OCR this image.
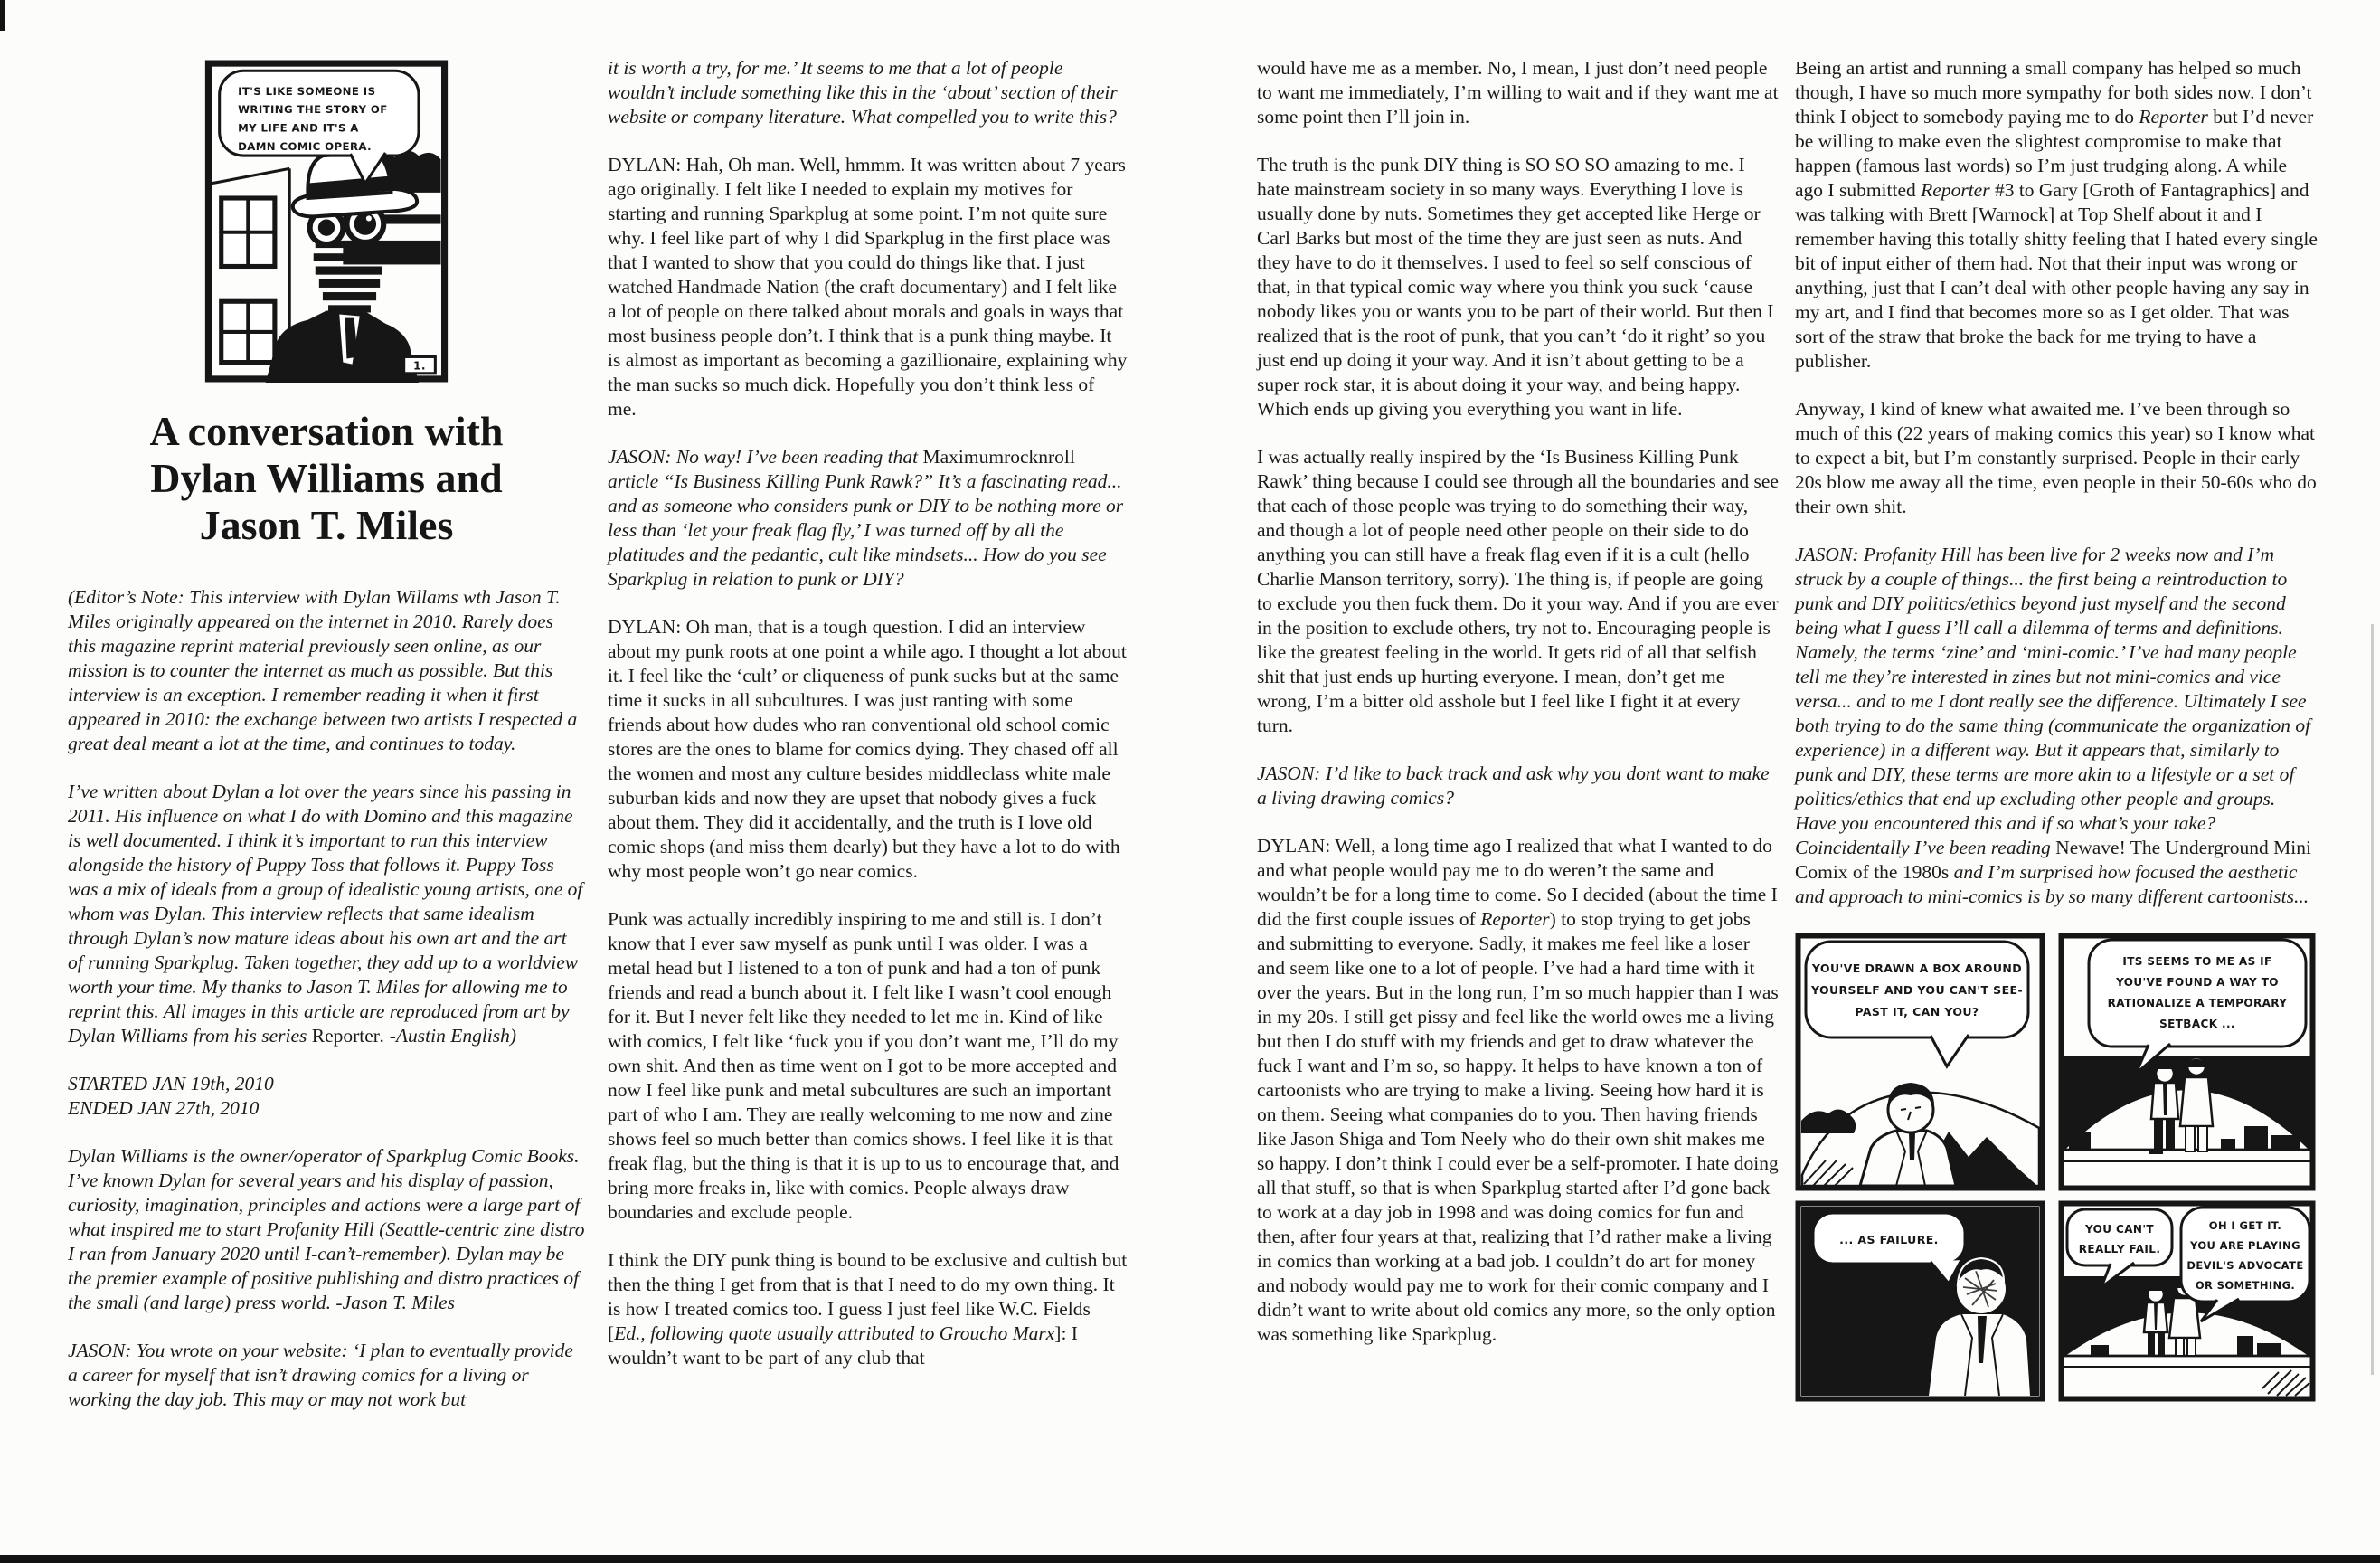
1.
IT'S LIKE SOMEONE IS
WRITING THE STORY OF
MY LIFE AND IT'S A
DAMN COMIC OPERA.
A conversation with
Dylan Williams and
Jason T. Miles

(Editor’s Note: This interview with Dylan Willams wth Jason T. Miles originally appeared on the internet in 2010. Rarely does this magazine reprint material previously seen online, as our mission is to counter the internet as much as possible. But this interview is an exception. I remember reading it when it first appeared in 2010: the exchange between two artists I respected a great deal meant a lot at the time, and continues to today.

I’ve written about Dylan a lot over the years since his passing in 2011. His influence on what I do with Domino and this magazine is well documented. I think it’s important to run this interview alongside the history of Puppy Toss that follows it. Puppy Toss was a mix of ideals from a group of idealistic young artists, one of whom was Dylan. This interview reflects that same idealism through Dylan’s now mature ideas about his own art and the art of running Sparkplug. Taken together, they add up to a worldview worth your time. My thanks to Jason T. Miles for allowing me to reprint this. All images in this article are reproduced from art by Dylan Williams from his series Reporter. -Austin English)

STARTED JAN 19th, 2010

ENDED JAN 27th, 2010

Dylan Williams is the owner/operator of Sparkplug Comic Books. I’ve known Dylan for several years and his display of passion, curiosity, imagination, principles and actions were a large part of what inspired me to start Profanity Hill (Seattle-centric zine distro I ran from January 2020 until I-can’t-remember). Dylan may be the premier example of positive publishing and distro practices of the small (and large) press world. -Jason T. Miles

JASON: You wrote on your website: ‘I plan to eventually provide a career for myself that isn’t drawing comics for a living or working the day job. This may or may not work but

it is worth a try, for me.’ It seems to me that a lot of people wouldn’t include something like this in the ‘about’ section of their website or company literature. What compelled you to write this?

DYLAN: Hah, Oh man. Well, hmmm. It was written about 7 years ago originally. I felt like I needed to explain my motives for starting and running Sparkplug at some point. I’m not quite sure why. I feel like part of why I did Sparkplug in the first place was that I wanted to show that you could do things like that. I just watched Handmade Nation (the craft documentary) and I felt like a lot of people on there talked about morals and goals in ways that most business people don’t. I think that is a punk thing maybe. It is almost as important as becoming a gazillionaire, explaining why the man sucks so much dick. Hopefully you don’t think less of me.

JASON: No way! I’ve been reading that Maximumrocknroll article “Is Business Killing Punk Rawk?” It’s a fascinating read... and as someone who considers punk or DIY to be nothing more or less than ‘let your freak flag fly,’ I was turned off by all the platitudes and the pedantic, cult like mindsets... How do you see Sparkplug in relation to punk or DIY?

DYLAN: Oh man, that is a tough question. I did an interview about my punk roots at one point a while ago. I thought a lot about it. I feel like the ‘cult’ or cliqueness of punk sucks but at the same time it sucks in all subcultures. I was just ranting with some friends about how dudes who ran conventional old school comic stores are the ones to blame for comics dying. They chased off all the women and most any culture besides middleclass white male suburban kids and now they are upset that nobody gives a fuck about them. They did it accidentally, and the truth is I love old comic shops (and miss them dearly) but they have a lot to do with why most people won’t go near comics.

Punk was actually incredibly inspiring to me and still is. I don’t know that I ever saw myself as punk until I was older. I was a metal head but I listened to a ton of punk and had a ton of punk friends and read a bunch about it. I felt like I wasn’t cool enough for it. But I never felt like they needed to let me in. Kind of like with comics, I felt like ‘fuck you if you don’t want me, I’ll do my own shit. And then as time went on I got to be more accepted and now I feel like punk and metal subcultures are such an important part of who I am. They are really welcoming to me now and zine shows feel so much better than comics shows. I feel like it is that freak flag, but the thing is that it is up to us to encourage that, and bring more freaks in, like with comics. People always draw boundaries and exclude people.

I think the DIY punk thing is bound to be exclusive and cultish but then the thing I get from that is that I need to do my own thing. It is how I treated comics too. I guess I just feel like W.C. Fields [Ed., following quote usually attributed to Groucho Marx]: I wouldn’t want to be part of any club that

would have me as a member. No, I mean, I just don’t need people to want me immediately, I’m willing to wait and if they want me at some point then I’ll join in.

The truth is the punk DIY thing is SO SO SO amazing to me. I hate mainstream society in so many ways. Everything I love is usually done by nuts. Sometimes they get accepted like Herge or Carl Barks but most of the time they are just seen as nuts. And they have to do it themselves. I used to feel so self conscious of that, in that typical comic way where you think you suck ‘cause nobody likes you or wants you to be part of their world. But then I realized that is the root of punk, that you can’t ‘do it right’ so you just end up doing it your way. And it isn’t about getting to be a super rock star, it is about doing it your way, and being happy. Which ends up giving you everything you want in life.

I was actually really inspired by the ‘Is Business Killing Punk Rawk’ thing because I could see through all the boundaries and see that each of those people was trying to do something their way, and though a lot of people need other people on their side to do anything you can still have a freak flag even if it is a cult (hello Charlie Manson territory, sorry). The thing is, if people are going to exclude you then fuck them. Do it your way. And if you are ever in the position to exclude others, try not to. Encouraging people is like the greatest feeling in the world. It gets rid of all that selfish shit that just ends up hurting everyone. I mean, don’t get me wrong, I’m a bitter old asshole but I feel like I fight it at every turn.

JASON: I’d like to back track and ask why you dont want to make a living drawing comics?

DYLAN: Well, a long time ago I realized that what I wanted to do and what people would pay me to do weren’t the same and wouldn’t be for a long time to come. So I decided (about the time I did the first couple issues of Reporter) to stop trying to get jobs and submitting to everyone. Sadly, it makes me feel like a loser and seem like one to a lot of people. I’ve had a hard time with it over the years. But in the long run, I’m so much happier than I was in my 20s. I still get pissy and feel like the world owes me a living but then I do stuff with my friends and get to draw whatever the fuck I want and I’m so, so happy. It helps to have known a ton of cartoonists who are trying to make a living. Seeing how hard it is on them. Seeing what companies do to you. Then having friends like Jason Shiga and Tom Neely who do their own shit makes me so happy. I don’t think I could ever be a self-promoter. I hate doing all that stuff, so that is when Sparkplug started after I’d gone back to work at a day job in 1998 and was doing comics for fun and then, after four years at that, realizing that I’d rather make a living in comics than working at a bad job. I couldn’t do art for money and nobody would pay me to work for their comic company and I didn’t want to write about old comics any more, so the only option was something like Sparkplug.

Being an artist and running a small company has helped so much though, I have so much more sympathy for both sides now. I don’t think I object to somebody paying me to do Reporter but I’d never be willing to make even the slightest compromise to make that happen (famous last words) so I’m just trudging along. A while ago I submitted Reporter #3 to Gary [Groth of Fantagraphics] and was talking with Brett [Warnock] at Top Shelf about it and I remember having this totally shitty feeling that I hated every single bit of input either of them had. Not that their input was wrong or anything, just that I can’t deal with other people having any say in my art, and I find that becomes more so as I get older. That was sort of the straw that broke the back for me trying to have a publisher.

Anyway, I kind of knew what awaited me. I’ve been through so much of this (22 years of making comics this year) so I know what to expect a bit, but I’m constantly surprised. People in their early 20s blow me away all the time, even people in their 50-60s who do their own shit.

JASON: Profanity Hill has been live for 2 weeks now and I’m struck by a couple of things... the first being a reintroduction to punk and DIY politics/ethics beyond just myself and the second being what I guess I’ll call a dilemma of terms and definitions. Namely, the terms ‘zine’ and ‘mini-comic.’ I’ve had many people tell me they’re interested in zines but not mini-comics and vice versa... and to me I dont really see the difference. Ultimately I see both trying to do the same thing (communicate the organization of experience) in a different way. But it appears that, similarly to punk and DIY, these terms are more akin to a lifestyle or a set of politics/ethics that end up excluding other people and groups. Have you encountered this and if so what’s your take? Coincidentally I’ve been reading Newave! The Underground Mini Comix of the 1980s and I’m surprised how focused the aesthetic and approach to mini-comics is by so many different cartoonists...

YOU'VE DRAWN A BOX AROUND
YOURSELF AND YOU CAN'T SEE-
PAST IT, CAN YOU?
ITS SEEMS TO ME AS IF
YOU'VE FOUND A WAY TO
RATIONALIZE A TEMPORARY
SETBACK ...
... AS FAILURE.
YOU CAN'T
REALLY FAIL.
OH I GET IT.
YOU ARE PLAYING
DEVIL'S ADVOCATE
OR SOMETHING.
